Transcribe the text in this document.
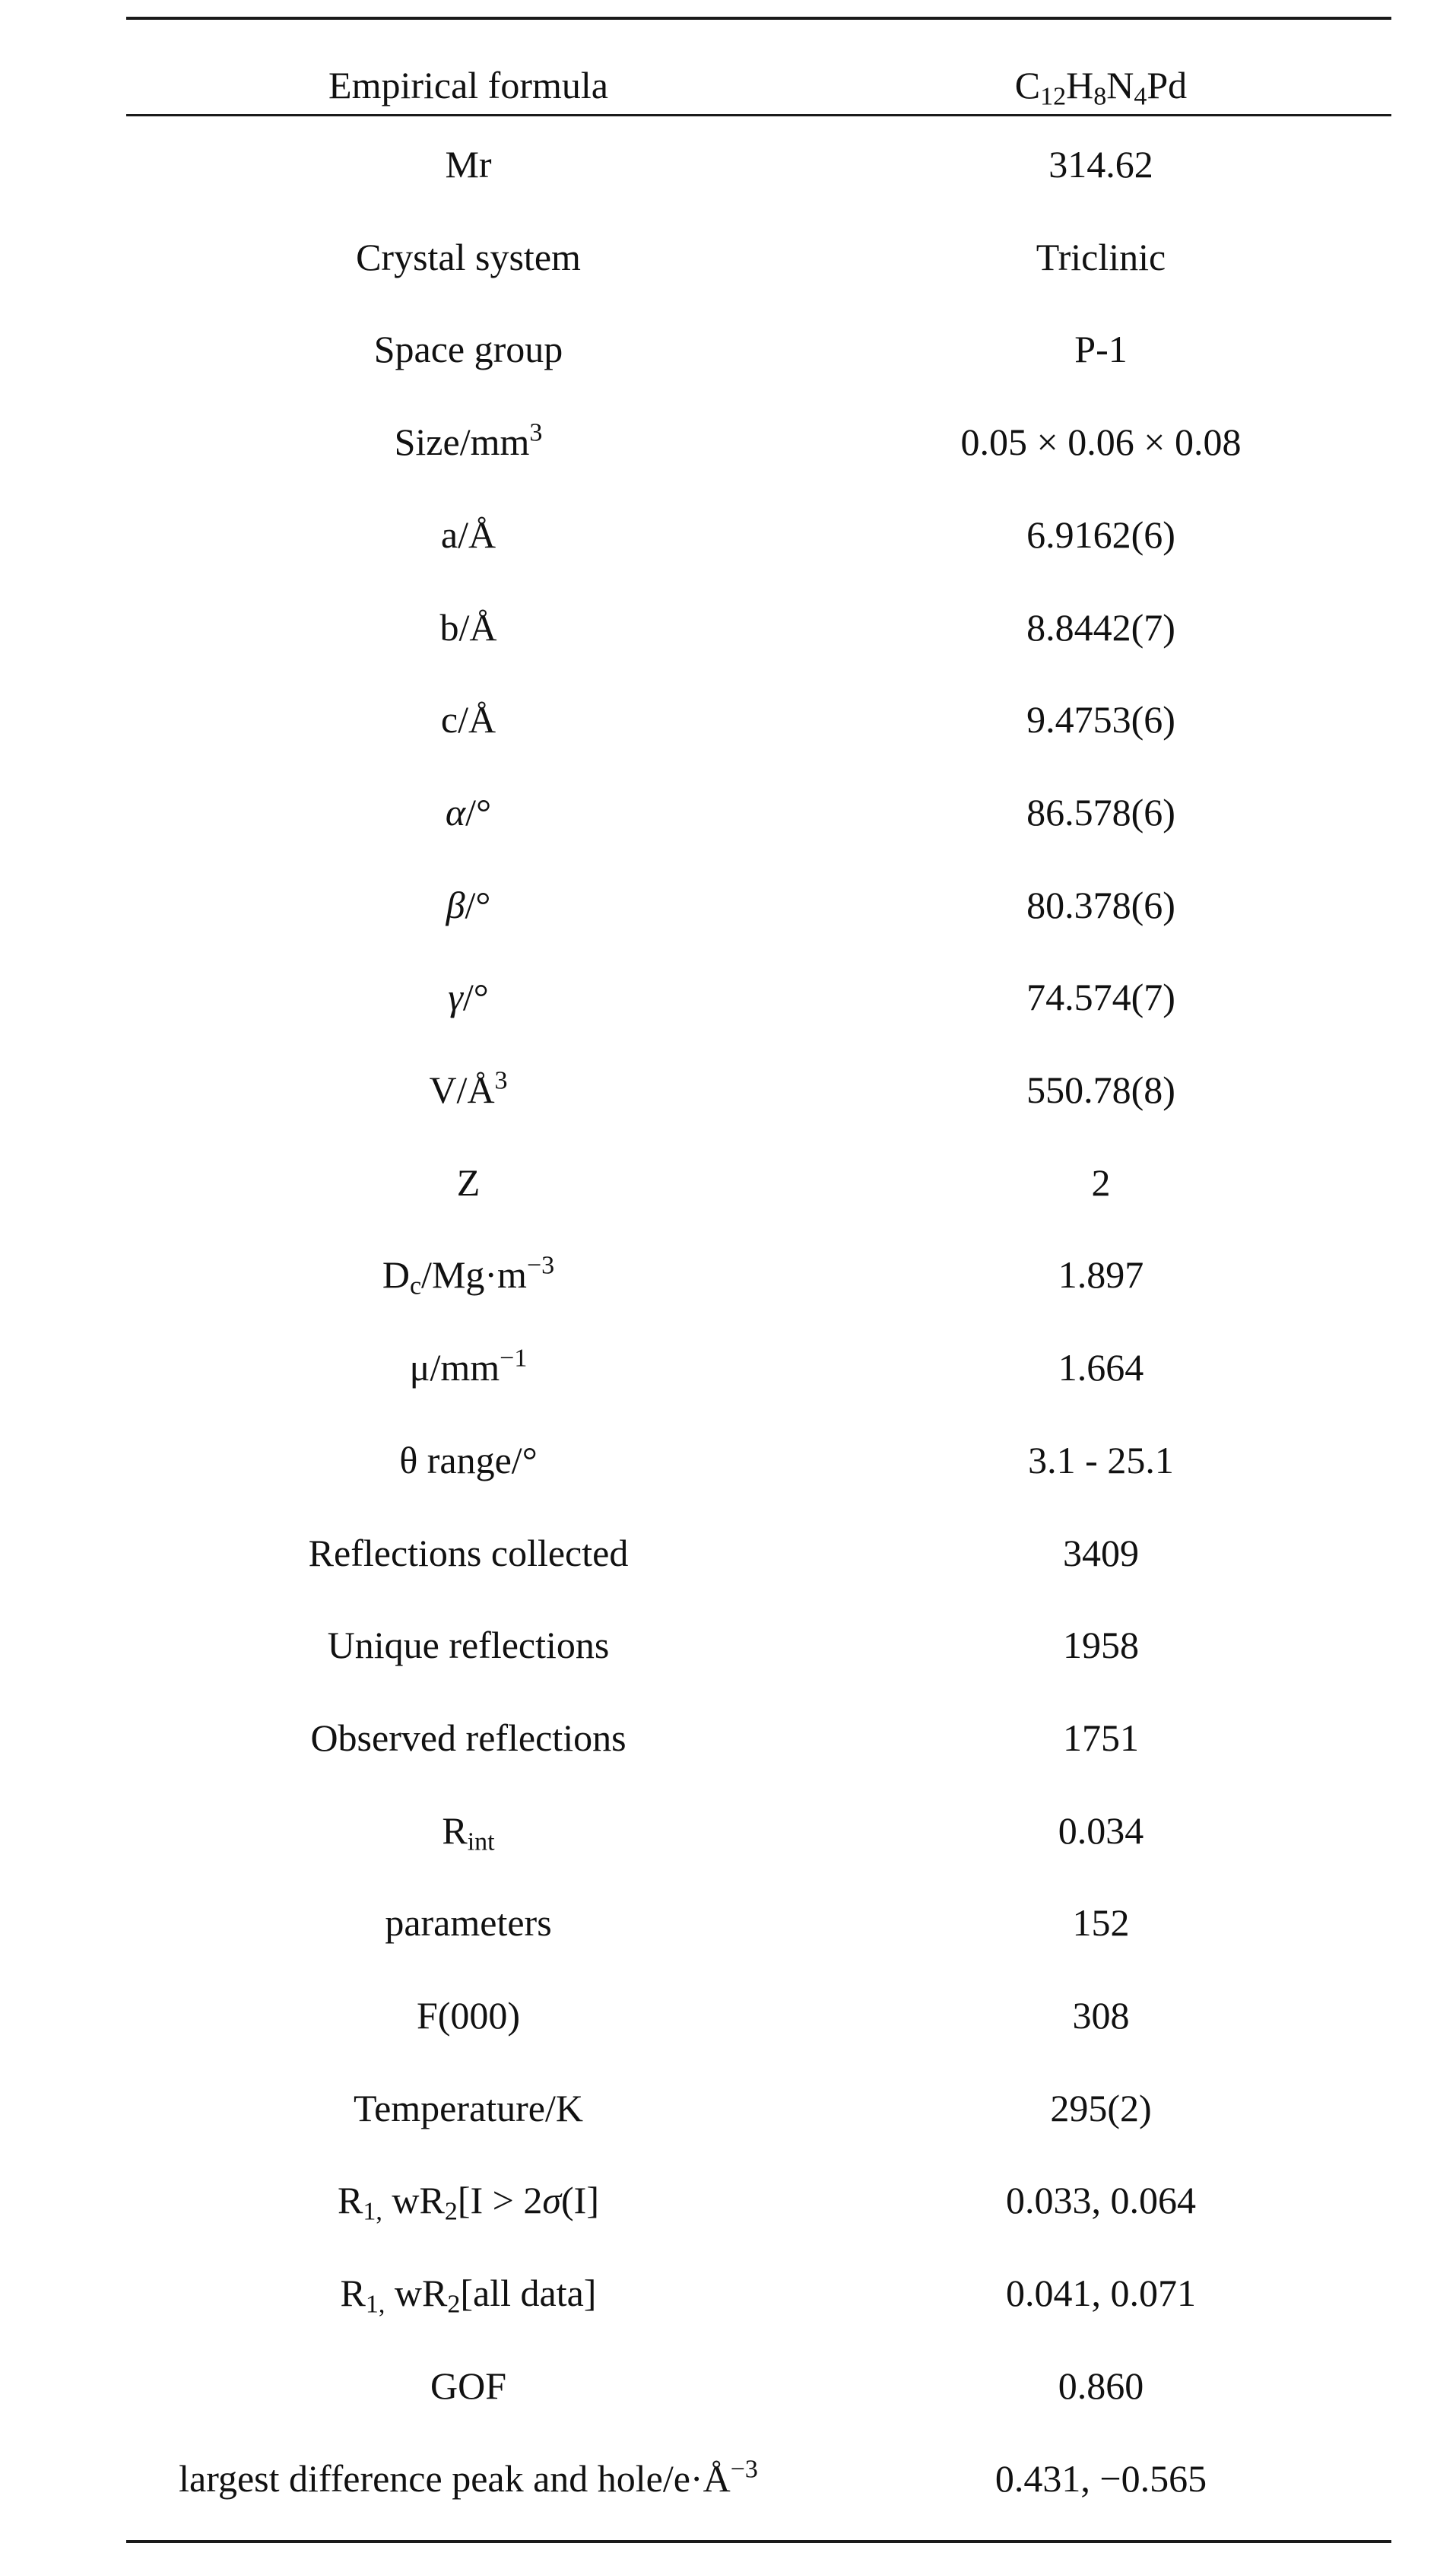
Empirical formula	$C_{12}H_8N_4Pd$
Mr	314.62
Crystal system	Triclinic
Space group	P-1
Size/$mm^3$	0.05 × 0.06 × 0.08
a/Å	6.9162(6)
b/Å	8.8442(7)
c/Å	9.4753(6)
α/°	86.578(6)
β/°	80.378(6)
γ/°	74.574(7)
$V/Å^3$	550.78(8)
Z	2
$D_c/Mg\cdot m^{-3}$	1.897
$\mu/mm^{-1}$	1.664
θ range/°	3.1 - 25.1
Reflections collected	3409
Unique reflections	1958
Observed reflections	1751
$R_{int}$	0.034
parameters	152
F(000)	308
Temperature/K	295(2)
$R_{1,}$ $wR_2[I > 2\sigma(I]$	0.033, 0.064
$R_{1,}$ $wR_2[all$ data]	0.041, 0.071
GOF	0.860
largest difference peak and hole/$e\cdot Å^{-3}$	0.431, −0.565
